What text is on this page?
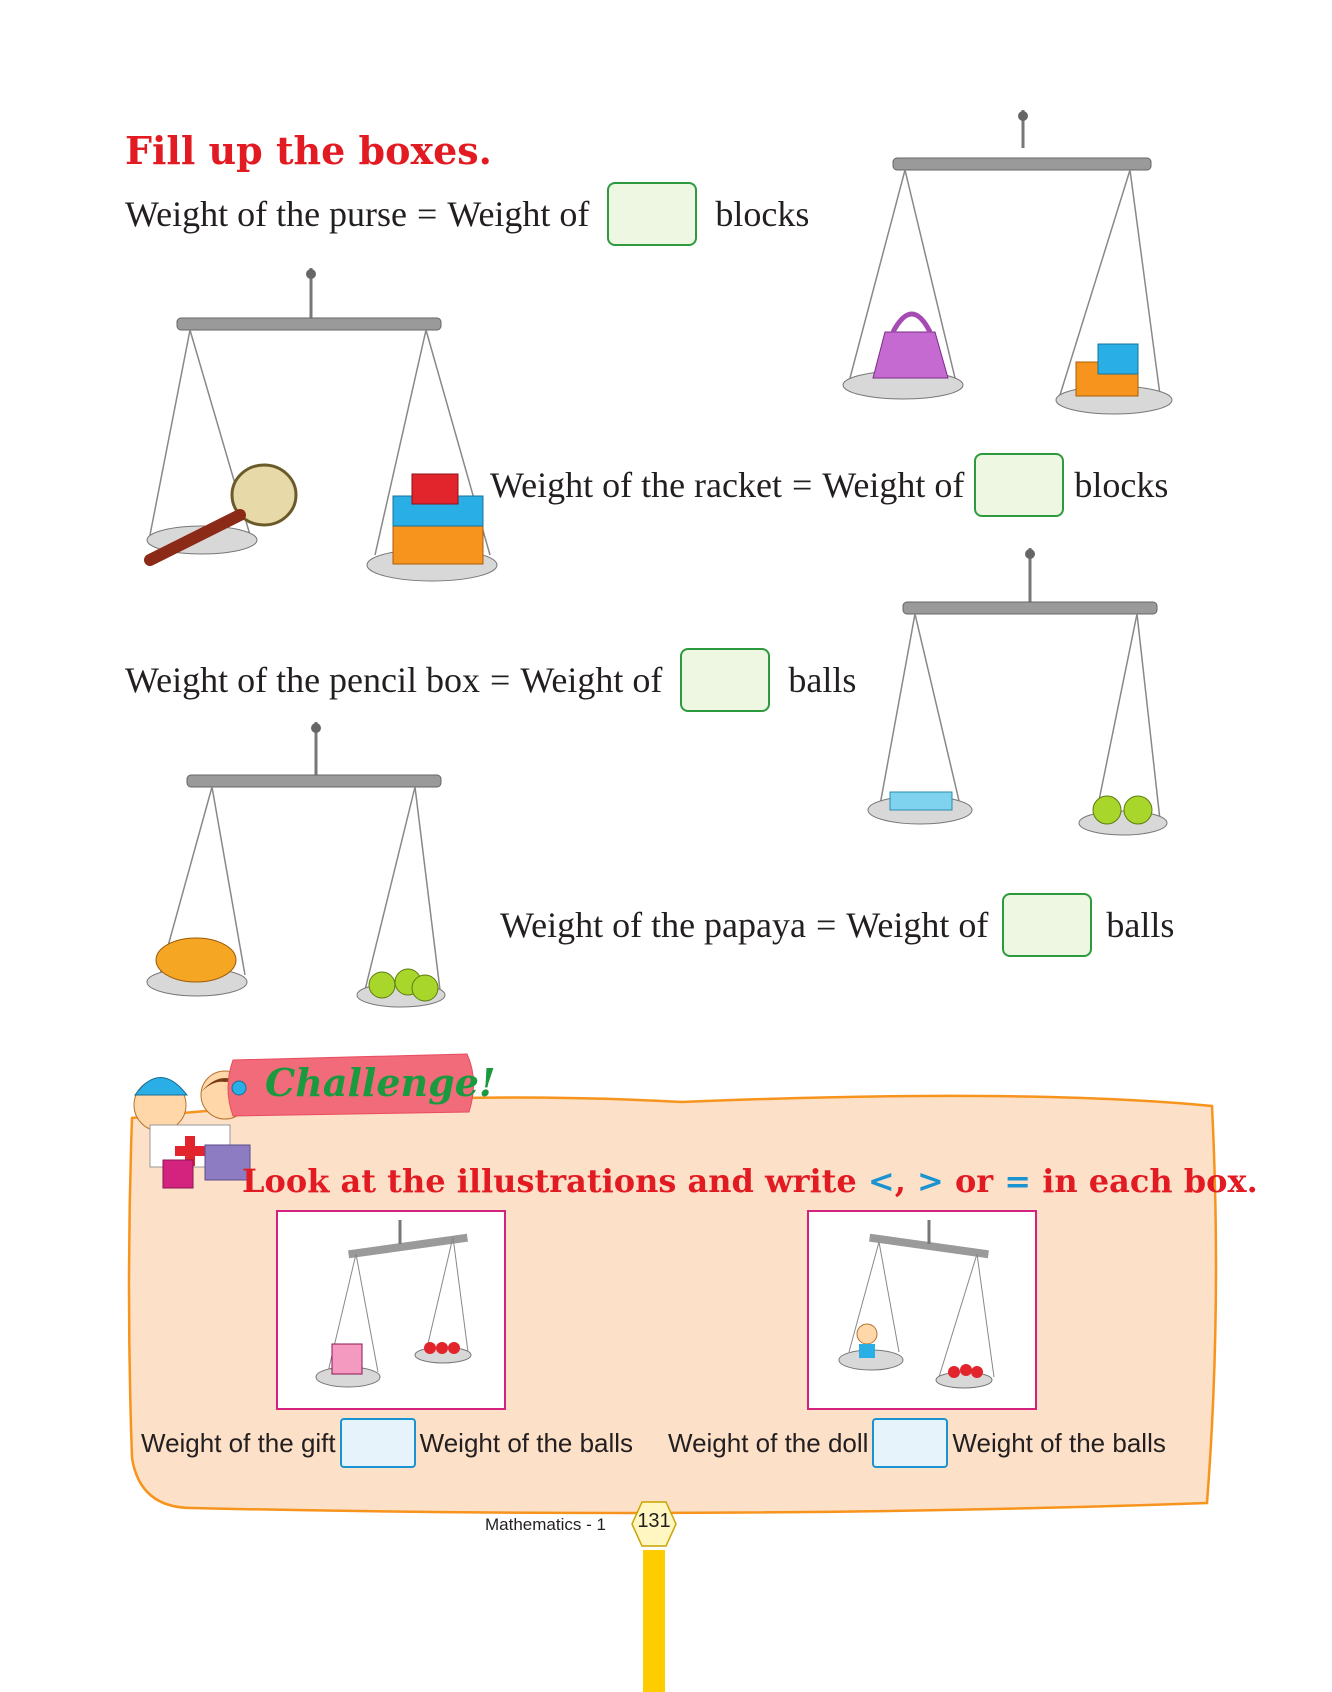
Fill up the boxes.
Weight of the purse = Weight of	blocks
Weight of the racket = Weight of	blocks
Weight of the pencil box = Weight of	balls
Weight of the papaya = Weight of	balls
Challenge!
Look at the illustrations and write <, > or = in each box.
Weight of the gift	Weight of the balls Weight of the doll	Weight of the balls
Mathematics - 1	131
